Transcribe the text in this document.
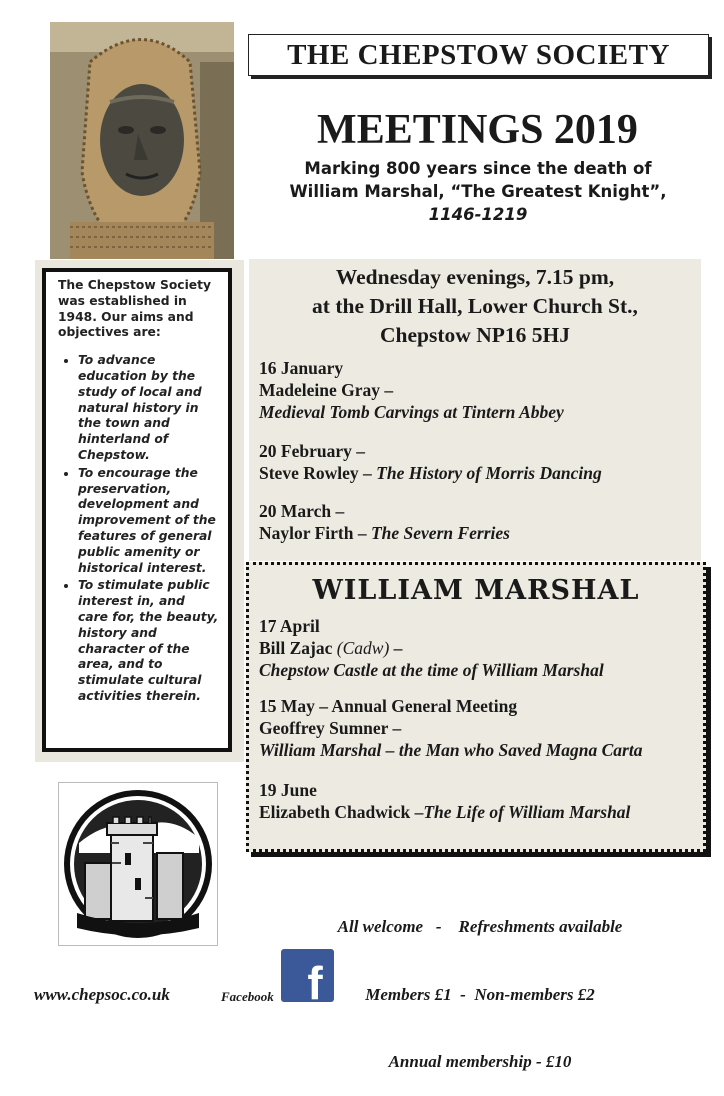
THE CHEPSTOW SOCIETY
MEETINGS 2019
Marking 800 years since the death of
William Marshal, “The Greatest Knight”,
1146-1219

The Chepstow Society was established in 1948. Our aims and objectives are:

• To advance education by the study of local and natural history in the town and hinterland of Chepstow.
• To encourage the preservation, development and improvement of the features of general public amenity or historical interest.
• To stimulate public interest in, and care for, the beauty, history and character of the area, and to stimulate cultural activities therein.
Wednesday evenings, 7.15 pm,
at the Drill Hall, Lower Church St.,
Chepstow NP16 5HJ
16 January
Madeleine Gray –
Medieval Tomb Carvings at Tintern Abbey
20 February –
Steve Rowley – The History of Morris Dancing
20 March –
Naylor Firth – The Severn Ferries
WILLIAM MARSHAL
17 April
Bill Zajac (Cadw) –
Chepstow Castle at the time of William Marshal
15 May – Annual General Meeting
Geoffrey Sumner –
William Marshal – the Man who Saved Magna Carta
19 June
Elizabeth Chadwick –The Life of William Marshal

All welcome   -    Refreshments available

Members £1  -  Non-members £2

Annual membership - £10

www.chepsoc.co.uk	Facebook f
